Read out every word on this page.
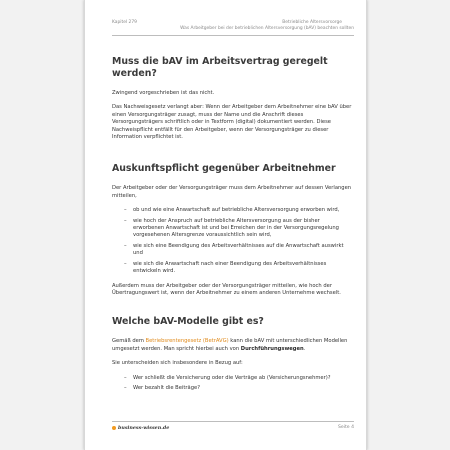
Kapitel 279	Betriebliche Altersvorsorge
Was Arbeitgeber bei der betrieblichen Altersversorgung (bAV) beachten sollten
Muss die bAV im Arbeitsvertrag geregelt werden?

Zwingend vorgeschrieben ist das nicht.

Das Nachweisgesetz verlangt aber: Wenn der Arbeitgeber dem Arbeitnehmer eine bAV über einen Versorgungsträger zusagt, muss der Name und die Anschrift dieses Versorgungsträgers schriftlich oder in Textform (digital) dokumentiert werden. Diese Nachweispflicht entfällt für den Arbeitgeber, wenn der Versorgungsträger zu dieser Information verpflichtet ist.

Auskunftspflicht gegenüber Arbeitnehmer

Der Arbeitgeber oder der Versorgungsträger muss dem Arbeitnehmer auf dessen Verlangen mitteilen,

– ob und wie eine Anwartschaft auf betriebliche Altersversorgung erworben wird,
– wie hoch der Anspruch auf betriebliche Altersversorgung aus der bisher erworbenen Anwartschaft ist und bei Erreichen der in der Versorgungsregelung vorgesehenen Altersgrenze voraussichtlich sein wird,
– wie sich eine Beendigung des Arbeitsverhältnisses auf die Anwartschaft auswirkt und
– wie sich die Anwartschaft nach einer Beendigung des Arbeitsverhältnisses entwickeln wird.

Außerdem muss der Arbeitgeber oder der Versorgungsträger mitteilen, wie hoch der Übertragungswert ist, wenn der Arbeitnehmer zu einem anderen Unternehme wechselt.

Welche bAV-Modelle gibt es?

Gemäß dem Betriebsrentengesetz (BetrAVG) kann die bAV mit unterschiedlichen Modellen umgesetzt werden. Man spricht hierbei auch von Durchführungswegen.

Sie unterscheiden sich insbesondere in Bezug auf:

– Wer schließt die Versicherung oder die Verträge ab (Versicherungsnehmer)?
– Wer bezahlt die Beiträge?
business-wissen.de	Seite 4
